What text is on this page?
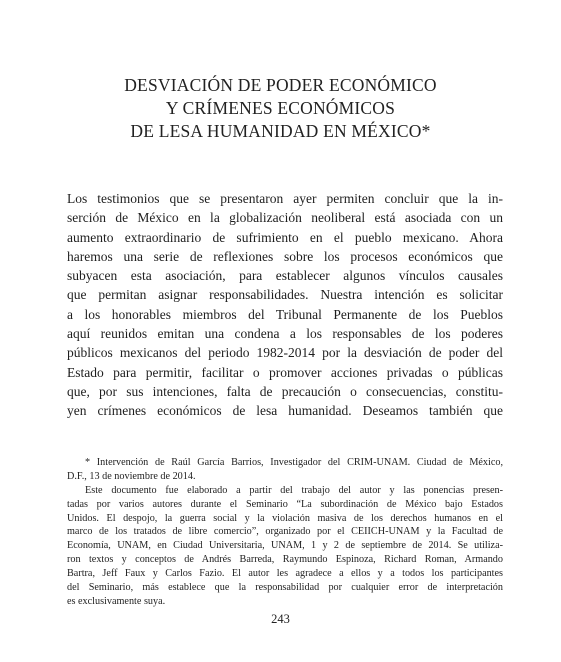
DESVIACIÓN DE PODER ECONÓMICO
Y CRÍMENES ECONÓMICOS
DE LESA HUMANIDAD EN MÉXICO*
Los testimonios que se presentaron ayer permiten concluir que la in-
serción de México en la globalización neoliberal está asociada con un
aumento extraordinario de sufrimiento en el pueblo mexicano. Ahora
haremos una serie de reflexiones sobre los procesos económicos que
subyacen esta asociación, para establecer algunos vínculos causales
que permitan asignar responsabilidades. Nuestra intención es solicitar
a los honorables miembros del Tribunal Permanente de los Pueblos
aquí reunidos emitan una condena a los responsables de los poderes
públicos mexicanos del periodo 1982-2014 por la desviación de poder del
Estado para permitir, facilitar o promover acciones privadas o públicas
que, por sus intenciones, falta de precaución o consecuencias, constitu-
yen crímenes económicos de lesa humanidad. Deseamos también que
* Intervención de Raúl García Barrios, Investigador del CRIM-UNAM. Ciudad de México,
D.F., 13 de noviembre de 2014.
Este documento fue elaborado a partir del trabajo del autor y las ponencias presen-
tadas por varios autores durante el Seminario “La subordinación de México bajo Estados
Unidos. El despojo, la guerra social y la violación masiva de los derechos humanos en el
marco de los tratados de libre comercio”, organizado por el CEIICH-UNAM y la Facultad de
Economía, UNAM, en Ciudad Universitaria, UNAM, 1 y 2 de septiembre de 2014. Se utiliza-
ron textos y conceptos de Andrés Barreda, Raymundo Espinoza, Richard Roman, Armando
Bartra, Jeff Faux y Carlos Fazio. El autor les agradece a ellos y a todos los participantes
del Seminario, más establece que la responsabilidad por cualquier error de interpretación
es exclusivamente suya.
243
